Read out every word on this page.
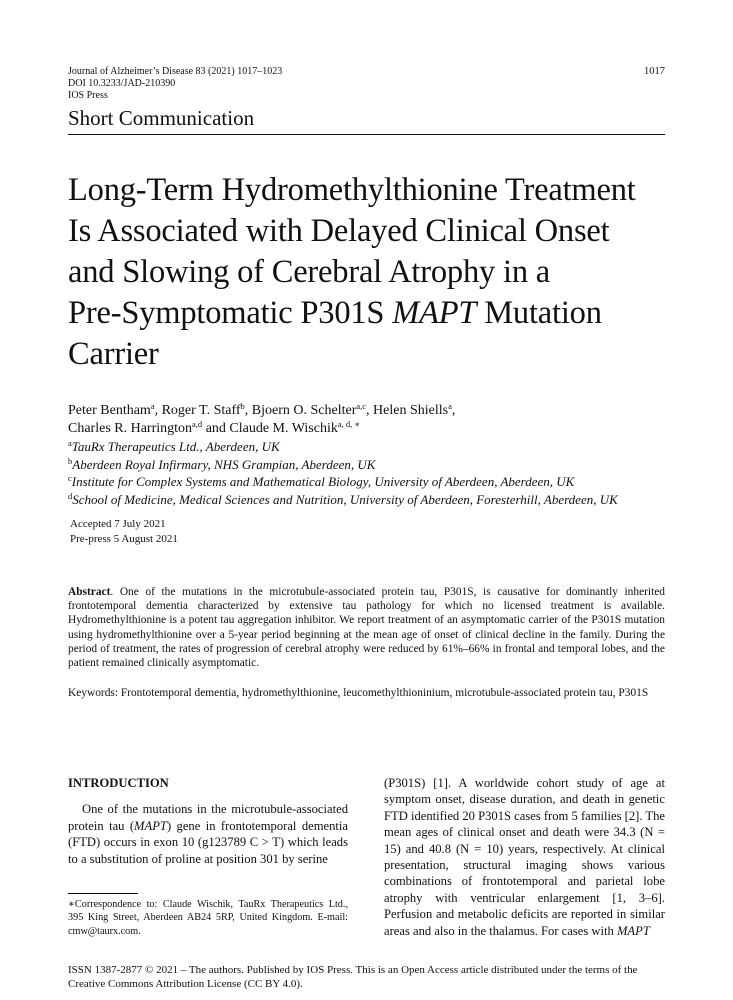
Journal of Alzheimer’s Disease 83 (2021) 1017–1023
DOI 10.3233/JAD-210390
IOS Press
1017
Short Communication
Long-Term Hydromethylthionine Treatment
Is Associated with Delayed Clinical Onset
and Slowing of Cerebral Atrophy in a
Pre-Symptomatic P301S MAPT Mutation
Carrier
Peter Bentham$^a$, Roger T. Staff$^b$, Bjoern O. Schelter$^{a,c}$, Helen Shiells$^a$,
Charles R. Harrington$^{a,d}$ and Claude M. Wischik$^{a, d, ∗}$
$^a$TauRx Therapeutics Ltd., Aberdeen, UK
$^b$Aberdeen Royal Infirmary, NHS Grampian, Aberdeen, UK
$^c$Institute for Complex Systems and Mathematical Biology, University of Aberdeen, Aberdeen, UK
$^d$School of Medicine, Medical Sciences and Nutrition, University of Aberdeen, Foresterhill, Aberdeen, UK
Accepted 7 July 2021
Pre-press 5 August 2021
Abstract. One of the mutations in the microtubule-associated protein tau, P301S, is causative for dominantly inherited frontotemporal dementia characterized by extensive tau pathology for which no licensed treatment is available. Hydromethylthionine is a potent tau aggregation inhibitor. We report treatment of an asymptomatic carrier of the P301S mutation using hydromethylthionine over a 5-year period beginning at the mean age of onset of clinical decline in the family. During the period of treatment, the rates of progression of cerebral atrophy were reduced by 61%–66% in frontal and temporal lobes, and the patient remained clinically asymptomatic.
Keywords: Frontotemporal dementia, hydromethylthionine, leucomethylthioninium, microtubule-associated protein tau, P301S
INTRODUCTION
One of the mutations in the microtubule-associated protein tau (MAPT) gene in frontotemporal dementia (FTD) occurs in exon 10 (g123789 C > T) which leads to a substitution of proline at position 301 by serine
∗Correspondence to: Claude Wischik, TauRx Therapeutics Ltd., 395 King Street, Aberdeen AB24 5RP, United Kingdom. E-mail: cmw@taurx.com.
(P301S) [1]. A worldwide cohort study of age at symptom onset, disease duration, and death in genetic FTD identified 20 P301S cases from 5 families [2]. The mean ages of clinical onset and death were 34.3 (N = 15) and 40.8 (N = 10) years, respectively. At clinical presentation, structural imaging shows various combinations of frontotemporal and parietal lobe atrophy with ventricular enlargement [1, 3–6]. Perfusion and metabolic deficits are reported in similar areas and also in the thalamus. For cases with MAPT
ISSN 1387-2877 © 2021 – The authors. Published by IOS Press. This is an Open Access article distributed under the terms of the Creative Commons Attribution License (CC BY 4.0).
